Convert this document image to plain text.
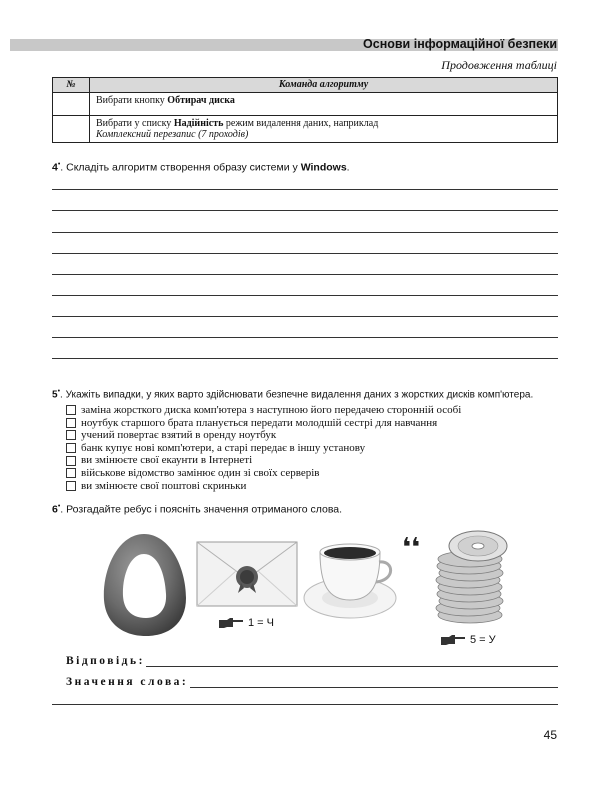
Основи інформаційної безпеки
Продовження таблиці
№	Команда алгоритму
	Вибрати кнопку Обтирач диска
	Вибрати у списку Надійність режим видалення даних, наприклад
Комплексний перезапис (7 проходів)
4•. Складіть алгоритм створення образу системи у Windows.
5•. Укажіть випадки, у яких варто здійснювати безпечне видалення даних з жорстких дисків комп'ютера.
заміна жорсткого диска комп'ютера з наступною його передачею сторонній особі
ноутбук старшого брата планується передати молодшій сестрі для навчання
учений повертає взятий в оренду ноутбук
банк купує нові комп'ютери, а старі передає в іншу установу
ви змінюєте свої екаунти в Інтернеті
військове відомство замінює один зі своїх серверів
ви змінюєте свої поштові скриньки
6•. Розгадайте ребус і поясніть значення отриманого слова.
❛❛
1 = Ч
5 = У
Відповідь:
Значення слова:
45
